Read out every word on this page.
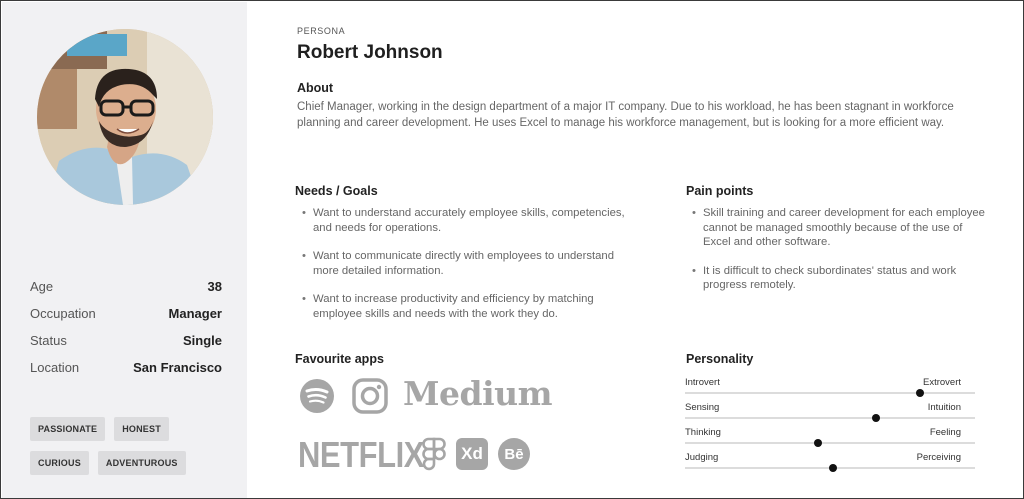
Age	38
Occupation	Manager
Status	Single
Location	San Francisco
PASSIONATE	HONEST
CURIOUS	ADVENTUROUS
PERSONA
Robert Johnson
About
Chief Manager, working in the design department of a major IT company. Due to his workload, he has been stagnant in workforce planning and career development. He uses Excel to manage his workforce management, but is looking for a more efficient way.
Needs / Goals
• Want to understand accurately employee skills, competencies, and needs for operations.
• Want to communicate directly with employees to understand more detailed information.
• Want to increase productivity and efficiency by matching employee skills and needs with the work they do.
Pain points
• Skill training and career development for each employee cannot be managed smoothly because of the use of Excel and other software.
• It is difficult to check subordinates' status and work progress remotely.
Favourite apps
Medium
NETFLIX Xd Bē
Personality
Introvert	Extrovert
Sensing	Intuition
Thinking	Feeling
Judging	Perceiving
